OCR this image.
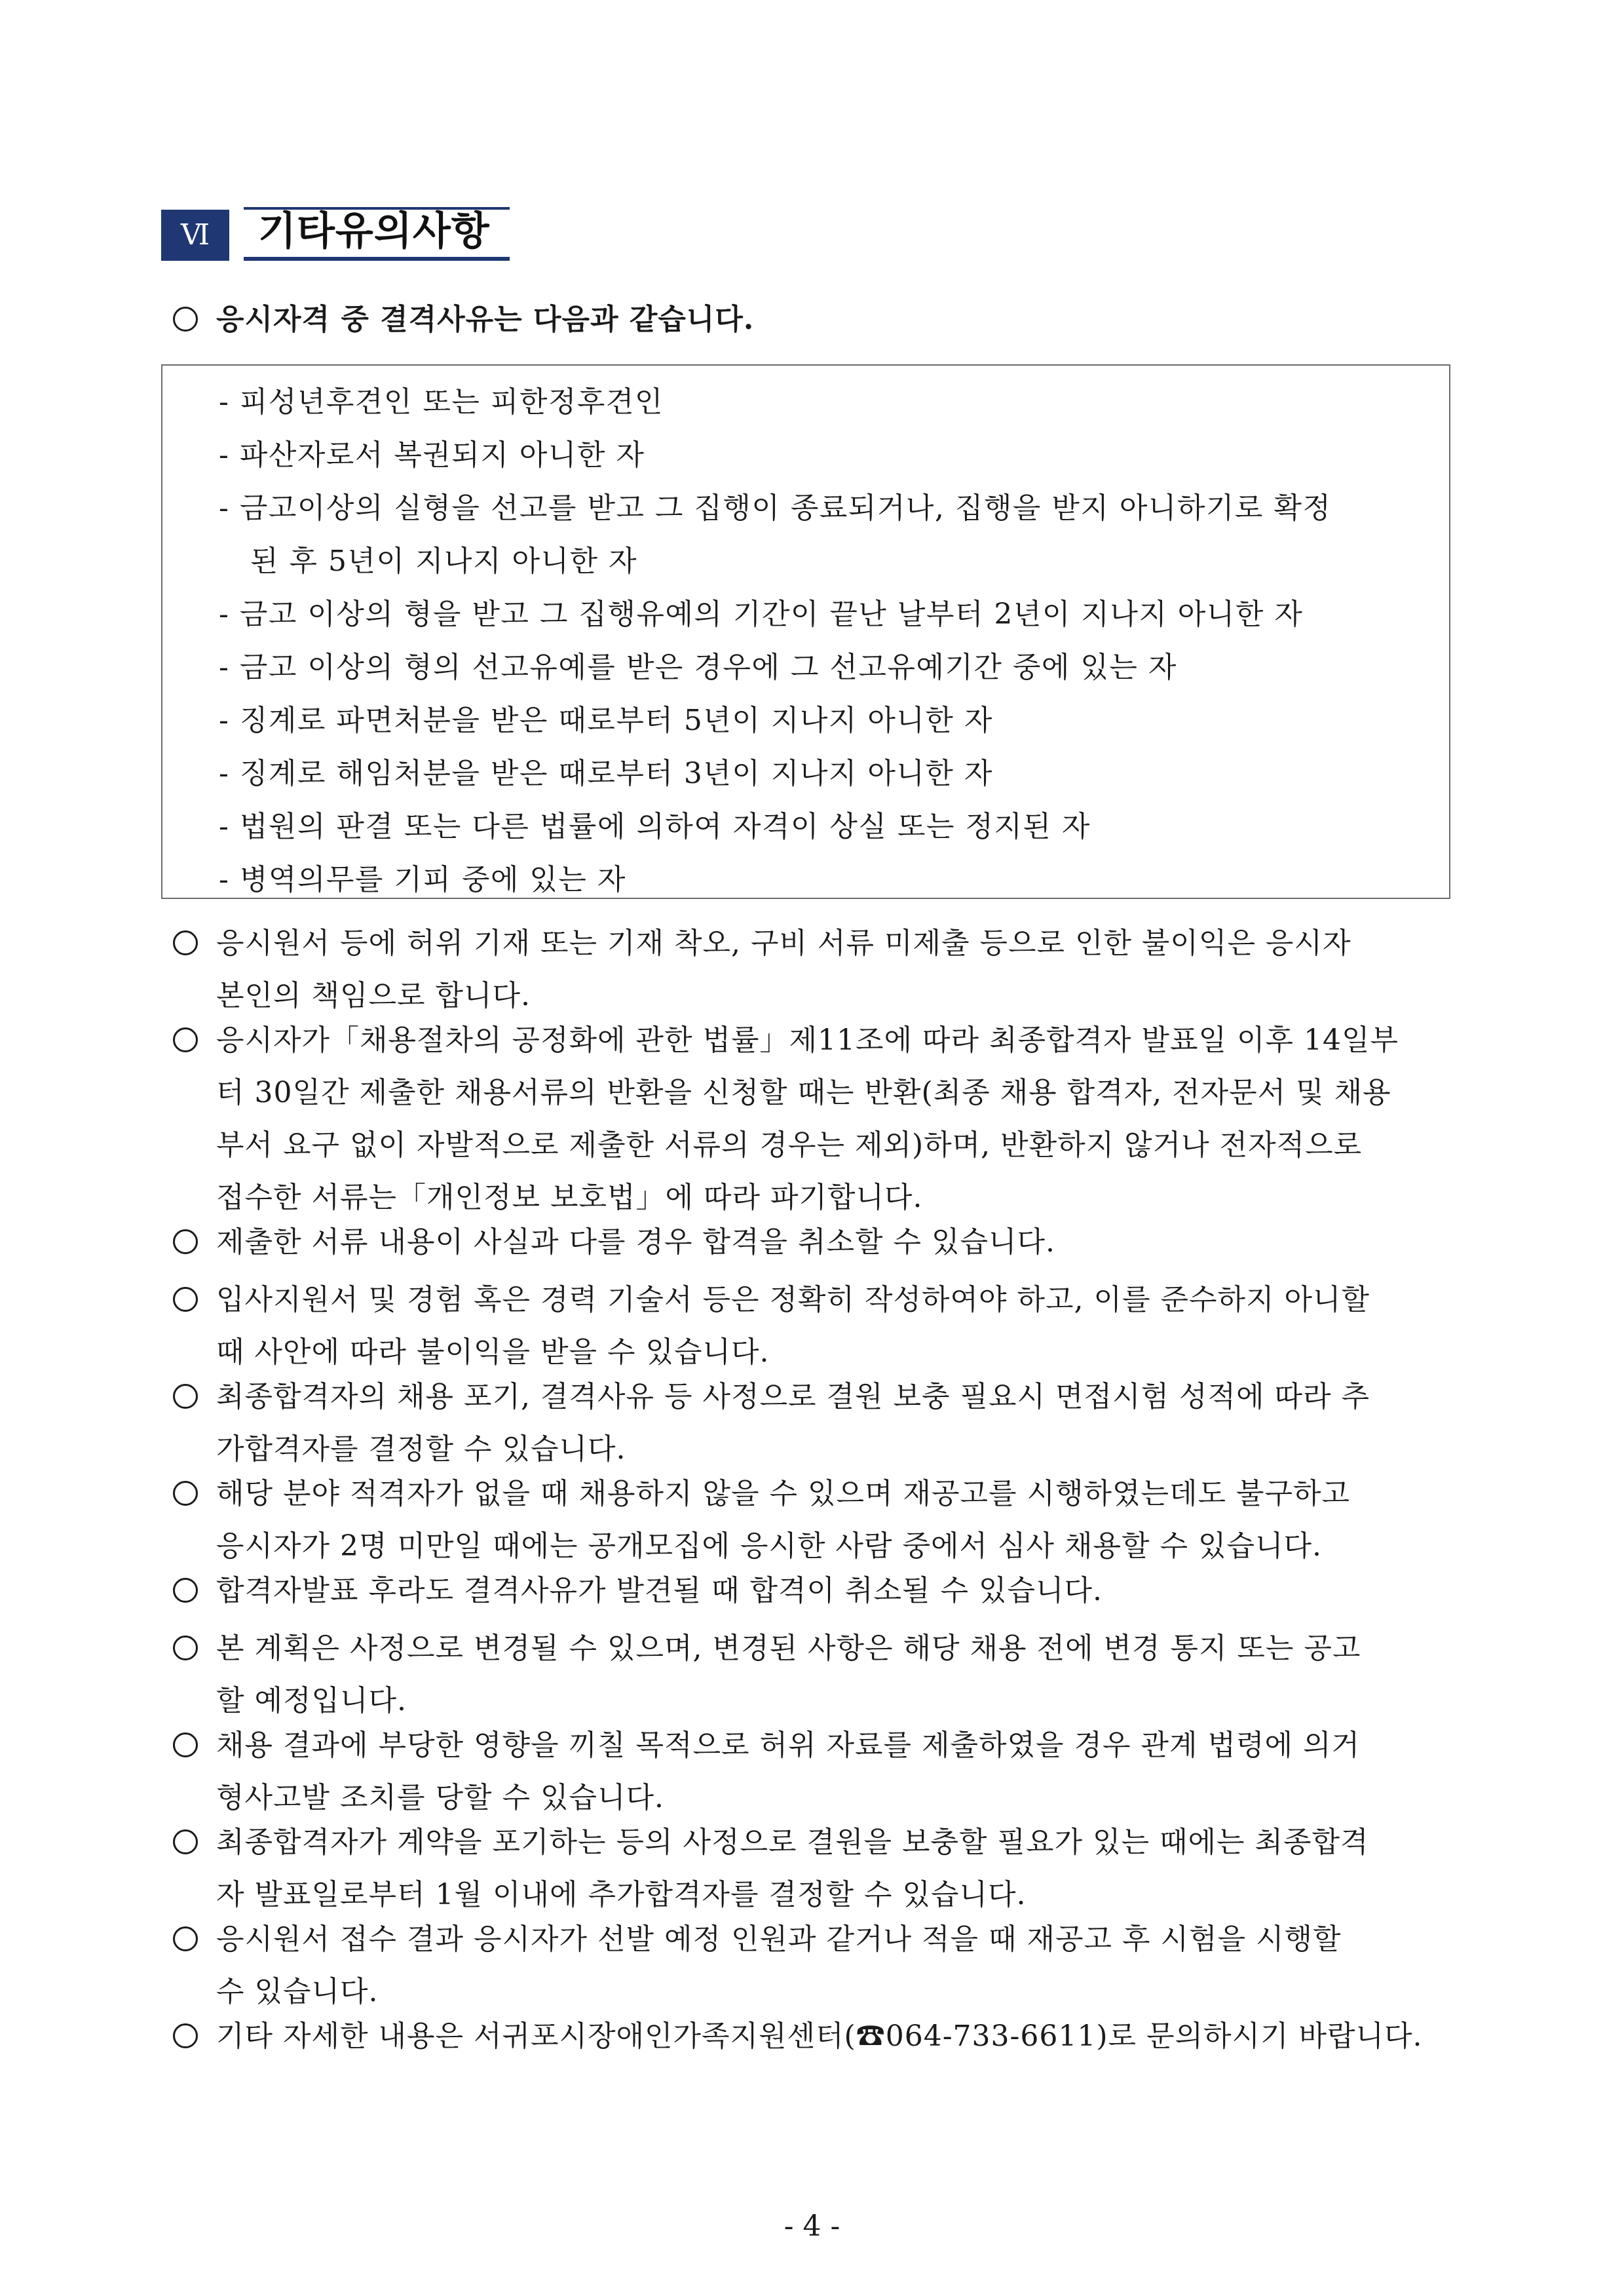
Ⅵ	기타유의사항
응시자격 중 결격사유는 다음과 같습니다.
- 피성년후견인 또는 피한정후견인
- 파산자로서 복권되지 아니한 자
- 금고이상의 실형을 선고를 받고 그 집행이 종료되거나, 집행을 받지 아니하기로 확정
된 후 5년이 지나지 아니한 자
- 금고 이상의 형을 받고 그 집행유예의 기간이 끝난 날부터 2년이 지나지 아니한 자
- 금고 이상의 형의 선고유예를 받은 경우에 그 선고유예기간 중에 있는 자
- 징계로 파면처분을 받은 때로부터 5년이 지나지 아니한 자
- 징계로 해임처분을 받은 때로부터 3년이 지나지 아니한 자
- 법원의 판결 또는 다른 법률에 의하여 자격이 상실 또는 정지된 자
- 병역의무를 기피 중에 있는 자
응시원서 등에 허위 기재 또는 기재 착오, 구비 서류 미제출 등으로 인한 불이익은 응시자
본인의 책임으로 합니다.
응시자가「채용절차의 공정화에 관한 법률」제11조에 따라 최종합격자 발표일 이후 14일부
터 30일간 제출한 채용서류의 반환을 신청할 때는 반환(최종 채용 합격자, 전자문서 및 채용
부서 요구 없이 자발적으로 제출한 서류의 경우는 제외)하며, 반환하지 않거나 전자적으로
접수한 서류는「개인정보 보호법」에 따라 파기합니다.
제출한 서류 내용이 사실과 다를 경우 합격을 취소할 수 있습니다.
입사지원서 및 경험 혹은 경력 기술서 등은 정확히 작성하여야 하고, 이를 준수하지 아니할
때 사안에 따라 불이익을 받을 수 있습니다.
최종합격자의 채용 포기, 결격사유 등 사정으로 결원 보충 필요시 면접시험 성적에 따라 추
가합격자를 결정할 수 있습니다.
해당 분야 적격자가 없을 때 채용하지 않을 수 있으며 재공고를 시행하였는데도 불구하고
응시자가 2명 미만일 때에는 공개모집에 응시한 사람 중에서 심사 채용할 수 있습니다.
합격자발표 후라도 결격사유가 발견될 때 합격이 취소될 수 있습니다.
본 계획은 사정으로 변경될 수 있으며, 변경된 사항은 해당 채용 전에 변경 통지 또는 공고
할 예정입니다.
채용 결과에 부당한 영향을 끼칠 목적으로 허위 자료를 제출하였을 경우 관계 법령에 의거
형사고발 조치를 당할 수 있습니다.
최종합격자가 계약을 포기하는 등의 사정으로 결원을 보충할 필요가 있는 때에는 최종합격
자 발표일로부터 1월 이내에 추가합격자를 결정할 수 있습니다.
응시원서 접수 결과 응시자가 선발 예정 인원과 같거나 적을 때 재공고 후 시험을 시행할
수 있습니다.
기타 자세한 내용은 서귀포시장애인가족지원센터(☎064-733-6611)로 문의하시기 바랍니다.
- 4 -
